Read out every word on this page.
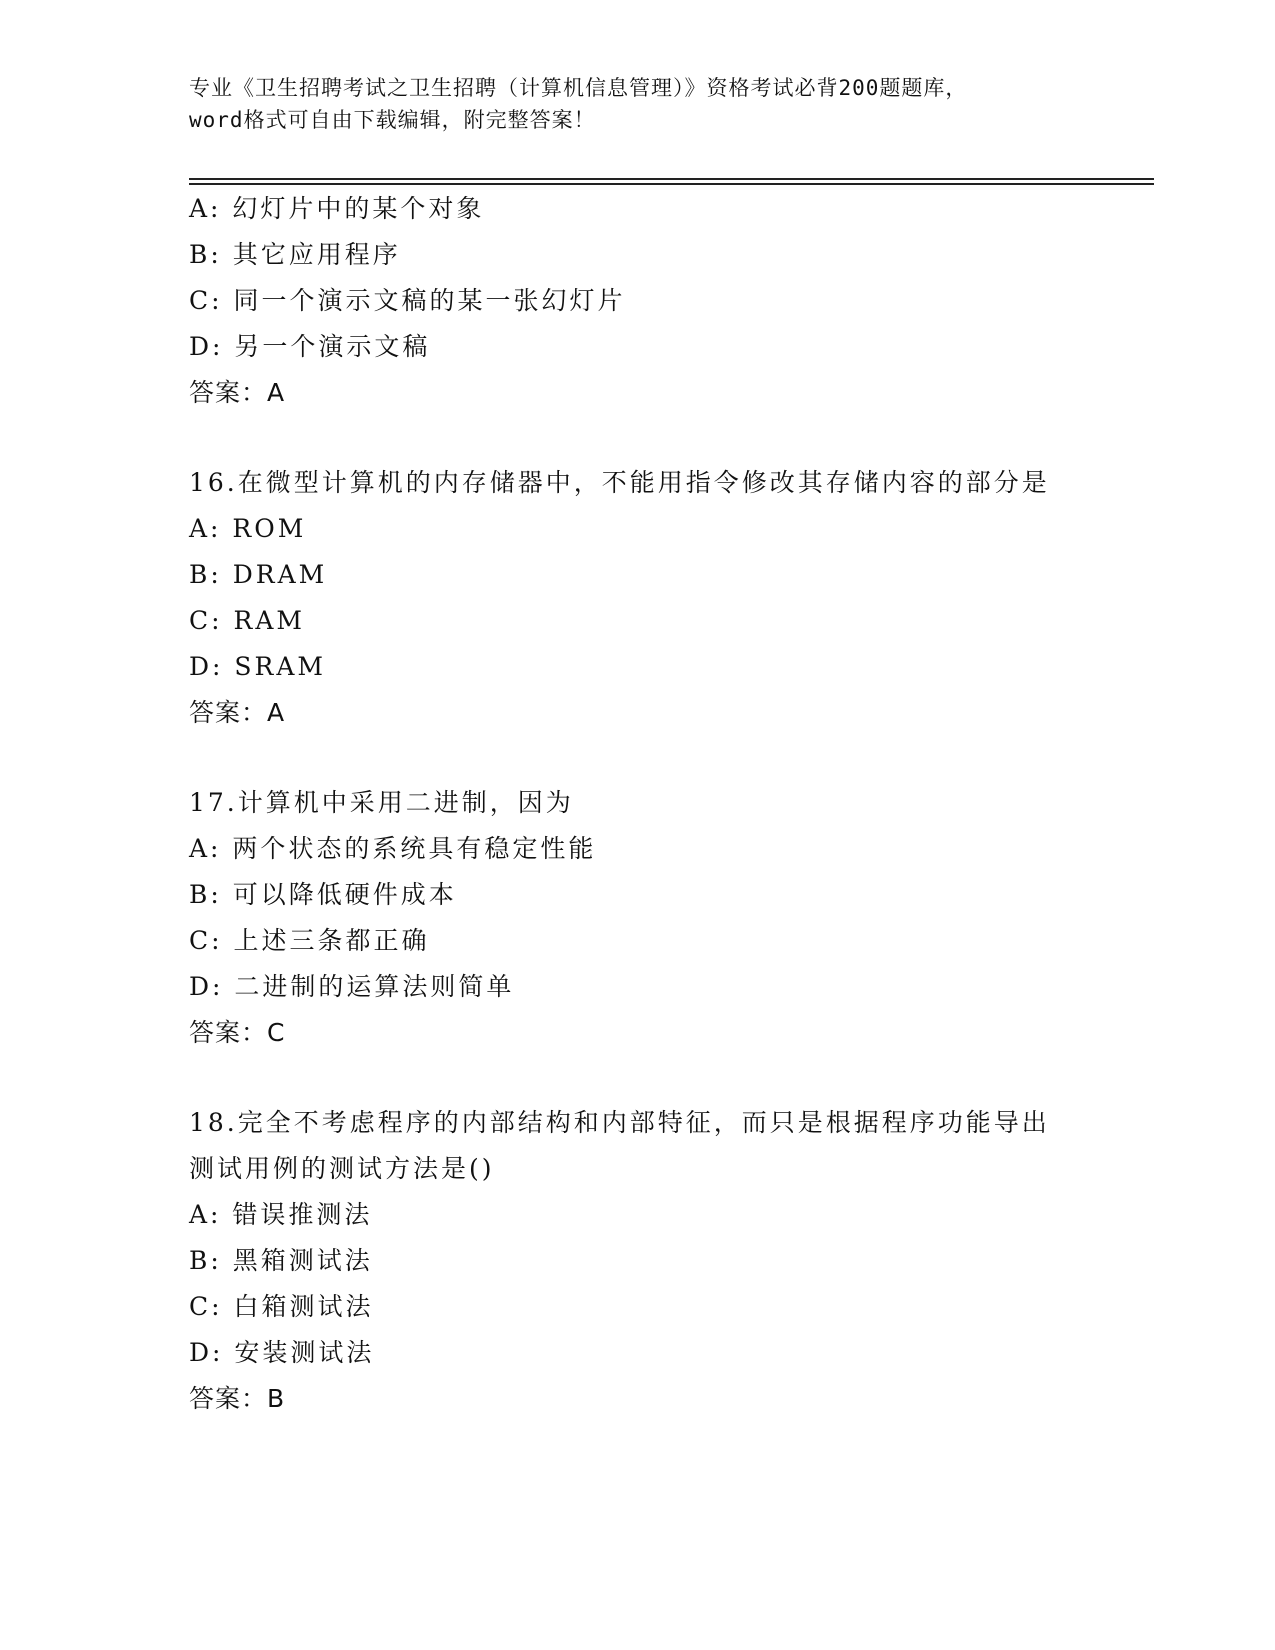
专业《卫生招聘考试之卫生招聘（计算机信息管理）》资格考试必背200题题库，
word格式可自由下载编辑，附完整答案！
A: 幻灯片中的某个对象
B: 其它应用程序
C: 同一个演示文稿的某一张幻灯片
D: 另一个演示文稿
答案：A
16.在微型计算机的内存储器中，不能用指令修改其存储内容的部分是
A: ROM
B: DRAM
C: RAM
D: SRAM
答案：A
17.计算机中采用二进制，因为
A: 两个状态的系统具有稳定性能
B: 可以降低硬件成本
C: 上述三条都正确
D: 二进制的运算法则简单
答案：C
18.完全不考虑程序的内部结构和内部特征，而只是根据程序功能导出
测试用例的测试方法是()
A: 错误推测法
B: 黑箱测试法
C: 白箱测试法
D: 安装测试法
答案：B
